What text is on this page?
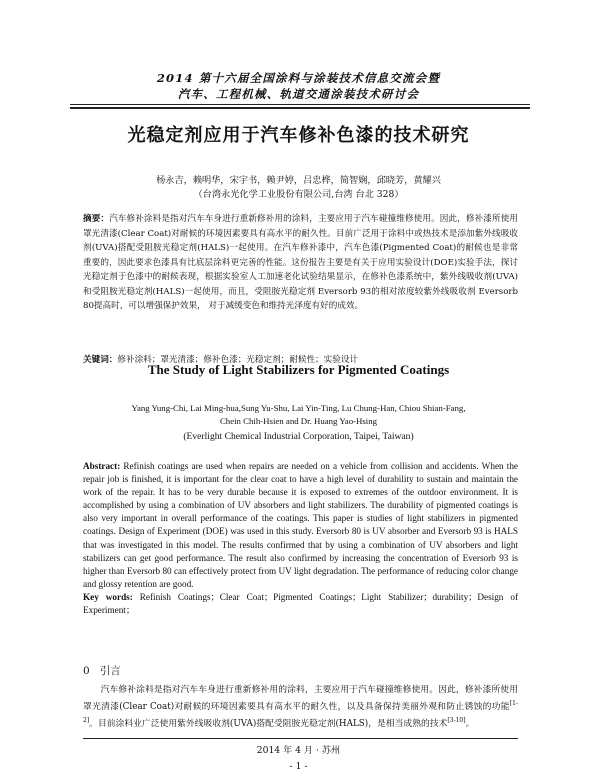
2014 第十六届全国涂料与涂装技术信息交流会暨
汽车、工程机械、轨道交通涂装技术研讨会
光稳定剂应用于汽车修补色漆的技术研究
杨永吉，赖明华，宋宇书，赖尹婷，吕忠桦，简智娴，邱晓芳，黄耀兴
（台湾永光化学工业股份有限公司,台湾 台北 328）
摘要：汽车修补涂料是指对汽车车身进行重新修补用的涂料，主要应用于汽车碰撞维修使用。因此，修补漆所使用罩光清漆(Clear Coat)对耐候的环境因素要具有高水平的耐久性。目前广泛用于涂料中或热技术是添加紫外线吸收剂(UVA)搭配受阻胺光稳定剂(HALS)一起使用。在汽车修补漆中，汽车色漆(Pigmented Coat)的耐候也是非常重要的，因此要求色漆具有比底层涂料更完善的性能。这份报告主要是有关于应用实验设计(DOE)实验手法，探讨光稳定剂于色漆中的耐候表现，根据实验室人工加速老化试验结果显示，在修补色漆系统中，紫外线吸收剂(UVA)和受阻胺光稳定剂(HALS)一起使用，而且，受阻胺光稳定剂 Eversorb 93的相对浓度较紫外线吸收剂 Eversorb 80提高时，可以增强保护效果， 对于减缓变色和维持光泽度有好的成效。
关键词：修补涂料；罩光清漆；修补色漆；光稳定剂；耐候性；实验设计
The Study of Light Stabilizers for Pigmented Coatings
Yang Yung-Chi, Lai Ming-hua,Sung Yu-Shu, Lai Yin-Ting, Lu Chung-Han, Chiou Shian-Fang,
Chein Chih-Hsien and Dr. Huang Yao-Hsing
(Everlight Chemical Industrial Corporation, Taipei, Taiwan)

Abstract: Refinish coatings are used when repairs are needed on a vehicle from collision and accidents. When the repair job is finished, it is important for the clear coat to have a high level of durability to sustain and maintain the work of the repair. It has to be very durable because it is exposed to extremes of the outdoor environment. It is accomplished by using a combination of UV absorbers and light stabilizers. The durability of pigmented coatings is also very important in overall performance of the coatings. This paper is studies of light stabilizers in pigmented coatings. Design of Experiment (DOE) was used in this study. Eversorb 80 is UV absorber and Eversorb 93 is HALS that was investigated in this model. The results confirmed that by using a combination of UV absorbers and light stabilizers can get good performance. The result also confirmed by increasing the concentration of Eversorb 93 is higher than Eversorb 80 can effectively protect from UV light degradation. The performance of reducing color change and glossy retention are good.

Key words: Refinish Coatings；Clear Coat；Pigmented Coatings；Light Stabilizer；durability；Design of Experiment；

0 引言
汽车修补涂料是指对汽车车身进行重新修补用的涂料，主要应用于汽车碰撞维修使用。因此，修补漆所使用罩光清漆(Clear Coat)对耐候的环境因素要具有高水平的耐久性，以及具备保持美丽外观和防止锈蚀的功能[1-2]。目前涂料业广泛使用紫外线吸收剂(UVA)搭配受阻胺光稳定剂(HALS)，是相当成熟的技术[3-10]。
2014 年 4 月 · 苏州
- 1 -
